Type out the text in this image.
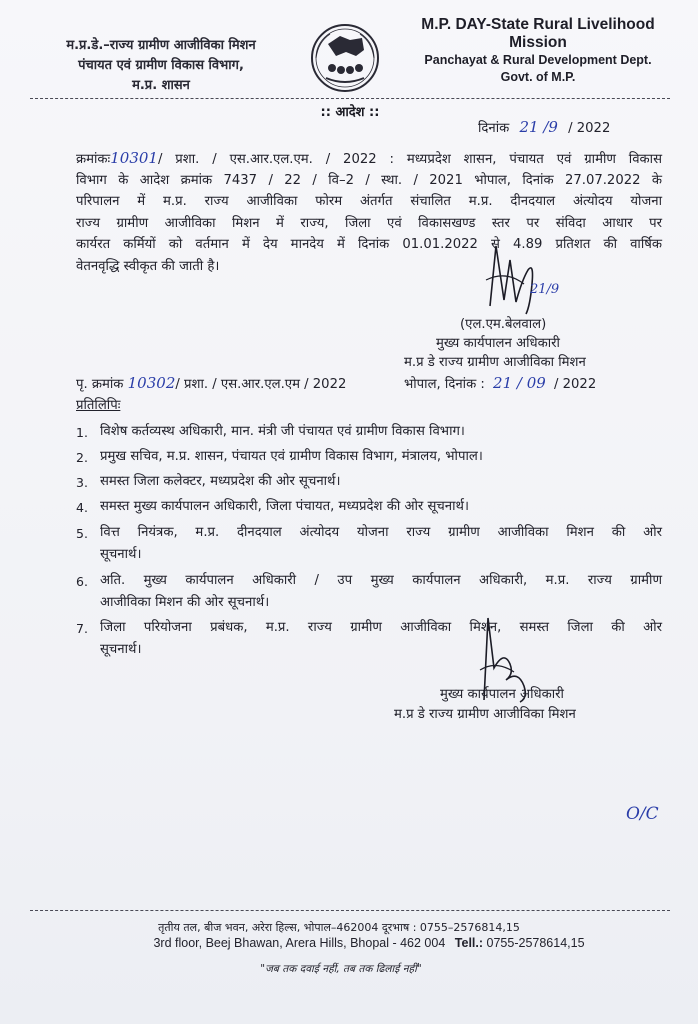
म.प्र.डे.–राज्य ग्रामीण आजीविका मिशन
पंचायत एवं ग्रामीण विकास विभाग,
म.प्र. शासन
M.P. DAY-State Rural Livelihood
Mission
Panchayat & Rural Development Dept.
Govt. of M.P.
:: आदेश ::
दिनांक 21 /9 / 2022
क्रमांकः10301/ प्रशा. / एस.आर.एल.एम. / 2022 : मध्यप्रदेश शासन, पंचायत एवं ग्रामीण विकास
विभाग के आदेश क्रमांक 7437 / 22 / वि–2 / स्था. / 2021 भोपाल, दिनांक 27.07.2022 के
परिपालन में म.प्र. राज्य आजीविका फोरम अंतर्गत संचालित म.प्र. दीनदयाल अंत्योदय योजना
राज्य ग्रामीण आजीविका मिशन में राज्य, जिला एवं विकासखण्ड स्तर पर संविदा आधार पर
कार्यरत कर्मियों को वर्तमान में देय मानदेय में दिनांक 01.01.2022 से 4.89 प्रतिशत की वार्षिक
वेतनवृद्धि स्वीकृत की जाती है।
21/9
(एल.एम.बेलवाल)
मुख्य कार्यपालन अधिकारी
म.प्र डे राज्य ग्रामीण आजीविका मिशन
पृ. क्रमांक 10302/ प्रशा. / एस.आर.एल.एम / 2022	भोपाल, दिनांक : 21 / 09 / 2022
प्रतिलिपिः
1. विशेष कर्तव्यस्थ अधिकारी, मान. मंत्री जी पंचायत एवं ग्रामीण विकास विभाग।
2. प्रमुख सचिव, म.प्र. शासन, पंचायत एवं ग्रामीण विकास विभाग, मंत्रालय, भोपाल।
3. समस्त जिला कलेक्टर, मध्यप्रदेश की ओर सूचनार्थ।
4. समस्त मुख्य कार्यपालन अधिकारी, जिला पंचायत, मध्यप्रदेश की ओर सूचनार्थ।
5. वित्त नियंत्रक, म.प्र. दीनदयाल अंत्योदय योजना राज्य ग्रामीण आजीविका मिशन की ओर
सूचनार्थ।
6. अति. मुख्य कार्यपालन अधिकारी / उप मुख्य कार्यपालन अधिकारी, म.प्र. राज्य ग्रामीण
आजीविका मिशन की ओर सूचनार्थ।
7. जिला परियोजना प्रबंधक, म.प्र. राज्य ग्रामीण आजीविका मिशन, समस्त जिला की ओर
सूचनार्थ।
मुख्य कार्यपालन अधिकारी
म.प्र डे राज्य ग्रामीण आजीविका मिशन
O/C
तृतीय तल, बीज भवन, अरेरा हिल्स, भोपाल–462004 दूरभाष : 0755–2576814,15
3rd floor, Beej Bhawan, Arera Hills, Bhopal - 462 004 Tell.: 0755-2578614,15
"जब तक दवाई नहीं, तब तक ढिलाई नहीं"
